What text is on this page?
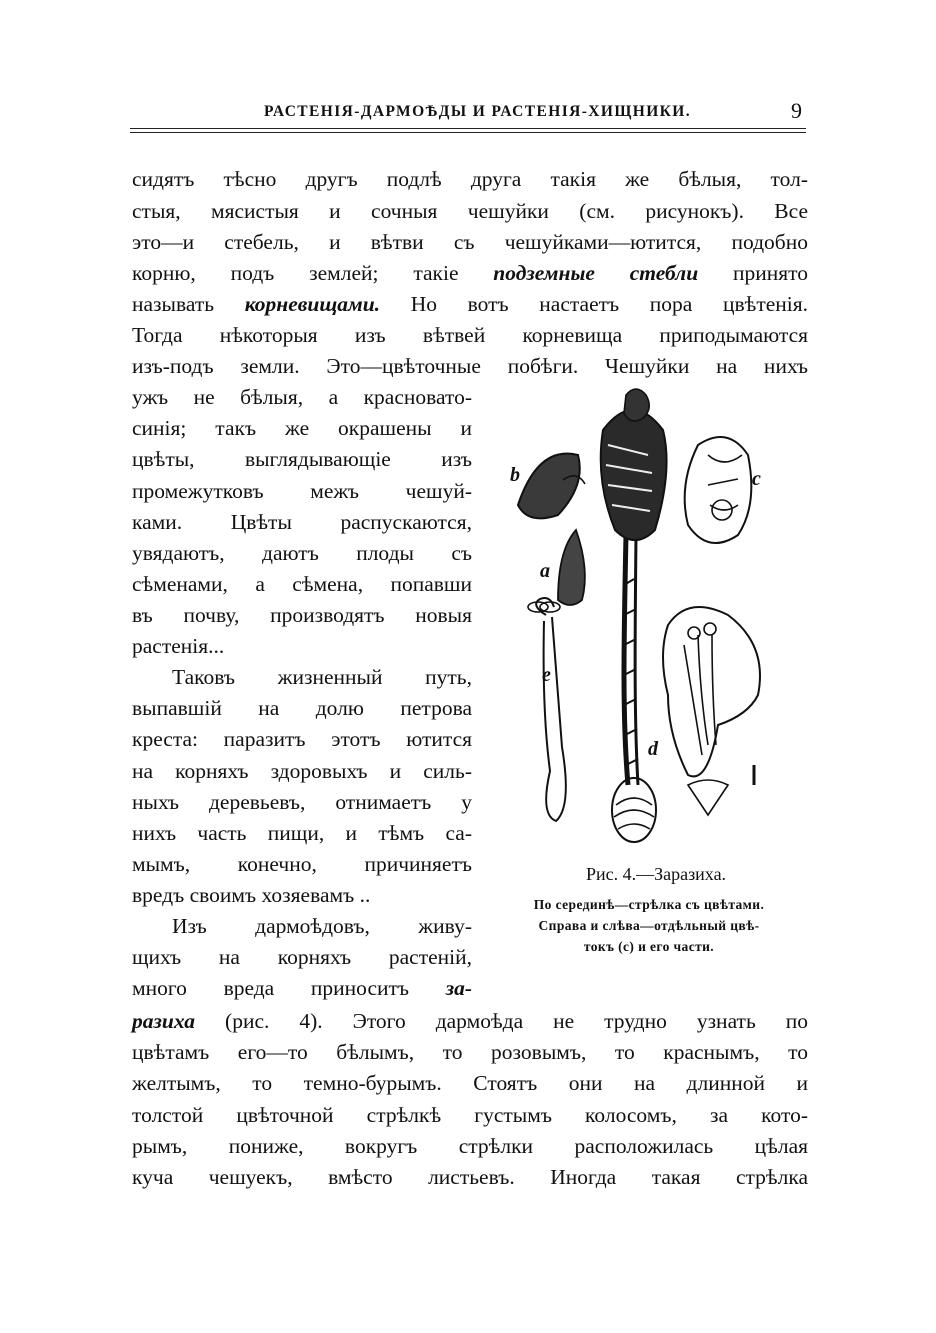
РАСТЕНІЯ-ДАРМОѢДЫ И РАСТЕНІЯ-ХИЩНИКИ.	9
сидятъ тѣсно другъ подлѣ друга такія же бѣлыя, тол-
стыя, мясистыя и сочныя чешуйки (см. рисунокъ). Все
это—и стебель, и вѣтви съ чешуйками—ютится, подобно
корню, подъ землей; такіе подземные стебли принято
называть корневищами. Но вотъ настаетъ пора цвѣтенія.
Тогда нѣкоторыя изъ вѣтвей корневища приподымаются
изъ-подъ земли. Это—цвѣточные побѣги. Чешуйки на нихъ
ужъ не бѣлыя, а красновато-
синія; такъ же окрашены и
цвѣты, выглядывающіе изъ
промежутковъ межъ чешуй-
ками. Цвѣты распускаются,
увядаютъ, даютъ плоды съ
сѣменами, а сѣмена, попавши
въ почву, производятъ новыя
растенія...
Таковъ жизненный путь,
выпавшій на долю петрова
креста: паразитъ этотъ ютится
на корняхъ здоровыхъ и силь-
ныхъ деревьевъ, отнимаетъ у
нихъ часть пищи, и тѣмъ са-
мымъ, конечно, причиняетъ
вредъ своимъ хозяевамъ ..
Изъ дармоѣдовъ, живу-
щихъ на корняхъ растеній,
много вреда приноситъ за-
b	c
a
e
d
Рис. 4.—Заразиха.
По серединѣ—стрѣлка съ цвѣтами.
Справа и слѣва—отдѣльный цвѣ-
токъ (c) и его части.
разиха (рис. 4). Этого дармоѣда не трудно узнать по
цвѣтамъ его—то бѣлымъ, то розовымъ, то краснымъ, то
желтымъ, то темно-бурымъ. Стоятъ они на длинной и
толстой цвѣточной стрѣлкѣ густымъ колосомъ, за кото-
рымъ, пониже, вокругъ стрѣлки расположилась цѣлая
куча чешуекъ, вмѣсто листьевъ. Иногда такая стрѣлка
